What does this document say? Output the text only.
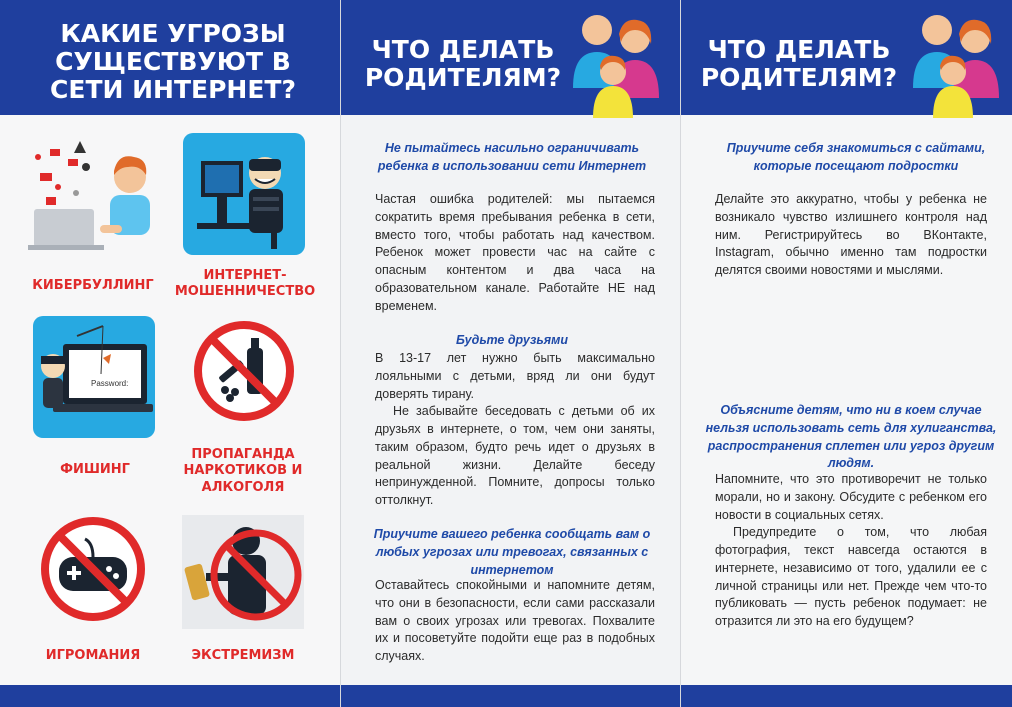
КАКИЕ УГРОЗЫ СУЩЕСТВУЮТ В СЕТИ ИНТЕРНЕТ?
КИБЕРБУЛЛИНГ
ИНТЕРНЕТ-МОШЕННИЧЕСТВО
Password:
ФИШИНГ
ПРОПАГАНДА НАРКОТИКОВ И АЛКОГОЛЯ
ИГРОМАНИЯ	ЭКСТРЕМИЗМ
ЧТО ДЕЛАТЬ РОДИТЕЛЯМ?
Не пытайтесь насильно ограничивать ребенка в использовании сети Интернет

Частая ошибка родителей: мы пытаемся сократить время пребывания ребенка в сети, вместо того, чтобы работать над качеством. Ребенок может провести час на сайте с опасным контентом и два часа на образовательном канале. Работайте НЕ над временем.

Будьте друзьями

В 13-17 лет нужно быть максимально лояльными с детьми, вряд ли они будут доверять тирану.

Не забывайте беседовать с детьми об их друзьях в интернете, о том, чем они заняты, таким образом, будто речь идет о друзьях в реальной жизни. Делайте беседу непринужденной. Помните, допросы только оттолкнут.

Приучите вашего ребенка сообщать вам о любых угрозах или тревогах, связанных с интернетом

Оставайтесь спокойными и напомните детям, что они в безопасности, если сами рассказали вам о своих угрозах или тревогах. Похвалите их и посоветуйте подойти еще раз в подобных случаях.

ЧТО ДЕЛАТЬ РОДИТЕЛЯМ?
Приучите себя знакомиться с сайтами, которые посещают подростки

Делайте это аккуратно, чтобы у ребенка не возникало чувство излишнего контроля над ним. Регистрируйтесь во ВКонтакте, Instagram, обычно именно там подростки делятся своими новостями и мыслями.

Объясните детям, что ни в коем случае нельзя использовать сеть для хулиганства, распространения сплетен или угроз другим людям.

Напомните, что это противоречит не только морали, но и закону. Обсудите с ребенком его новости в социальных сетях.

Предупредите о том, что любая фотография, текст навсегда остаются в интернете, независимо от того, удалили ее с личной страницы или нет. Прежде чем что-то публиковать — пусть ребенок подумает: не отразится ли это на его будущем?
